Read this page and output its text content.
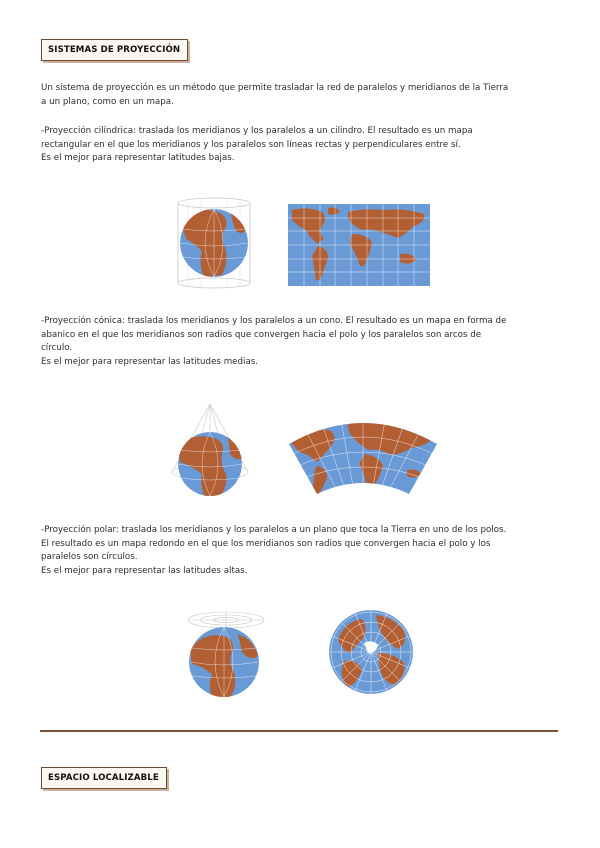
SISTEMAS DE PROYECCIÓN

Un sistema de proyección es un método que permite trasladar la red de paralelos y meridianos de la Tierra

a un plano, como en un mapa.

-Proyección cilíndrica: traslada los meridianos y los paralelos a un cilindro. El resultado es un mapa

rectangular en el que los meridianos y los paralelos son líneas rectas y perpendiculares entre sí.

Es el mejor para representar latitudes bajas.

-Proyección cónica: traslada los meridianos y los paralelos a un cono. El resultado es un mapa en forma de

abanico en el que los meridianos son radios que convergen hacia el polo y los paralelos son arcos de

círculo.

Es el mejor para representar las latitudes medias.

-Proyección polar: traslada los meridianos y los paralelos a un plano que toca la Tierra en uno de los polos.

El resultado es un mapa redondo en el que los meridianos son radios que convergen hacia el polo y los

paralelos son círculos.

Es el mejor para representar las latitudes altas.

ESPACIO LOCALIZABLE
